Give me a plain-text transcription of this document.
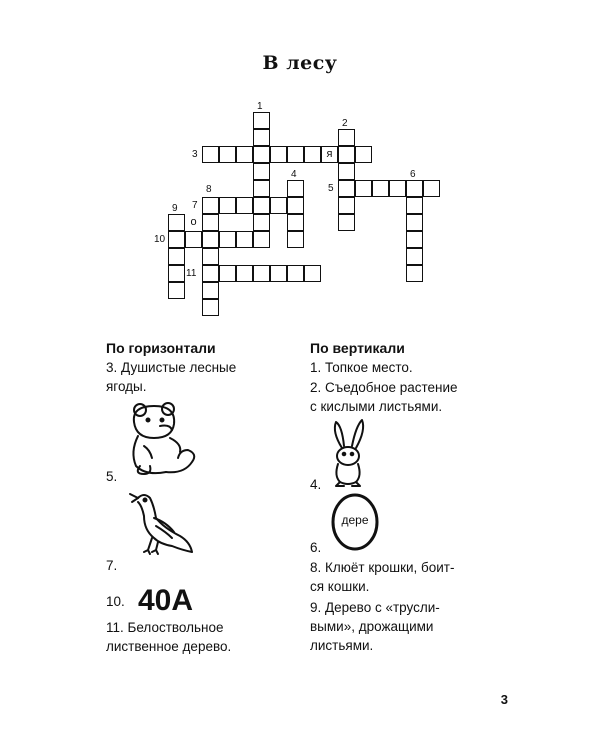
В лесу
я
о
1
2
3
4
5
6
7
8
9
10
11
По горизонтали
3. Душистые лесные
ягоды.
5.
7.
10. 40А
11. Белоствольное
лиственное дерево.
По вертикали
1. Топкое место.
2. Съедобное растение
с кислыми листьями.
4.
дере
6.
8. Клюёт крошки, боит-
ся кошки.
9. Дерево с «трусли-
выми», дрожащими
листьями.
3
